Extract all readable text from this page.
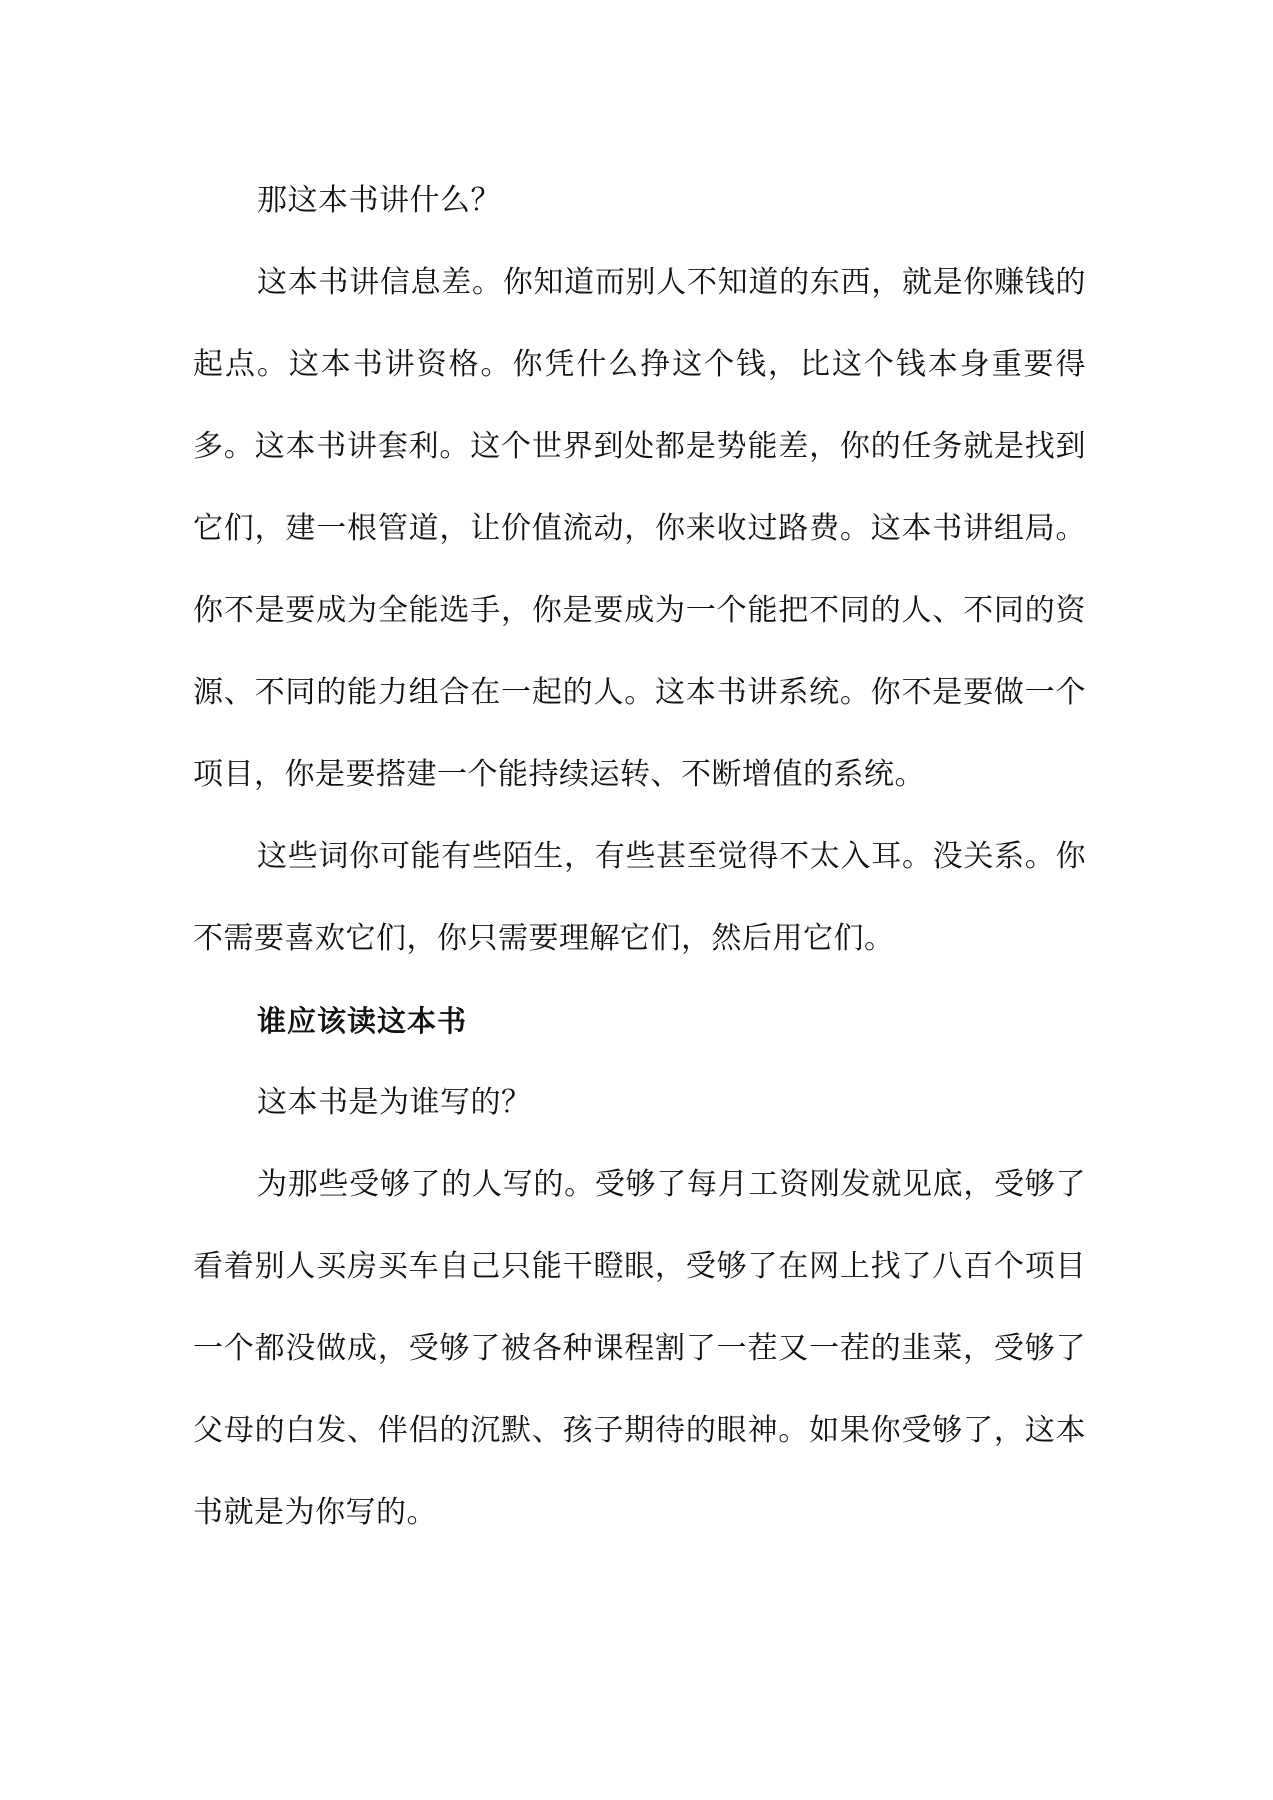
那这本书讲什么？

这本书讲信息差。你知道而别人不知道的东西，就是你赚钱的起点。这本书讲资格。你凭什么挣这个钱，比这个钱本身重要得多。这本书讲套利。这个世界到处都是势能差，你的任务就是找到它们，建一根管道，让价值流动，你来收过路费。这本书讲组局。你不是要成为全能选手，你是要成为一个能把不同的人、不同的资源、不同的能力组合在一起的人。这本书讲系统。你不是要做一个项目，你是要搭建一个能持续运转、不断增值的系统。

这些词你可能有些陌生，有些甚至觉得不太入耳。没关系。你不需要喜欢它们，你只需要理解它们，然后用它们。

谁应该读这本书

这本书是为谁写的？

为那些受够了的人写的。受够了每月工资刚发就见底，受够了看着别人买房买车自己只能干瞪眼，受够了在网上找了八百个项目一个都没做成，受够了被各种课程割了一茬又一茬的韭菜，受够了父母的白发、伴侣的沉默、孩子期待的眼神。如果你受够了，这本书就是为你写的。
